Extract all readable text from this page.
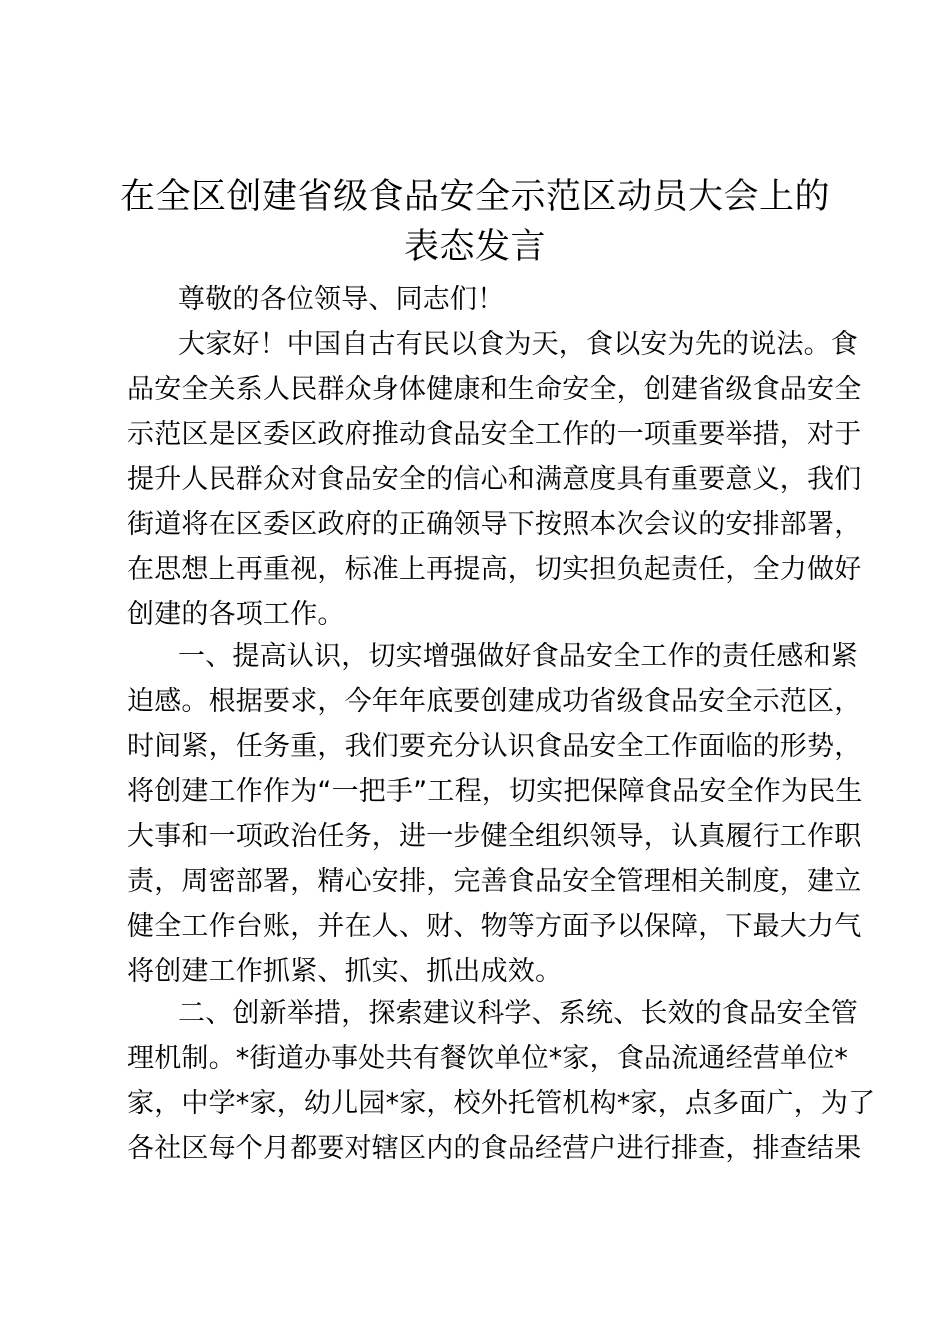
在全区创建省级食品安全示范区动员大会上的
表态发言
尊敬的各位领导、同志们！
大家好！中国自古有民以食为天，食以安为先的说法。食
品安全关系人民群众身体健康和生命安全，创建省级食品安全
示范区是区委区政府推动食品安全工作的一项重要举措，对于
提升人民群众对食品安全的信心和满意度具有重要意义，我们
街道将在区委区政府的正确领导下按照本次会议的安排部署，
在思想上再重视，标准上再提高，切实担负起责任，全力做好
创建的各项工作。
一、提高认识，切实增强做好食品安全工作的责任感和紧
迫感。根据要求，今年年底要创建成功省级食品安全示范区，
时间紧，任务重，我们要充分认识食品安全工作面临的形势，
将创建工作作为“一把手”工程，切实把保障食品安全作为民生
大事和一项政治任务，进一步健全组织领导，认真履行工作职
责，周密部署，精心安排，完善食品安全管理相关制度，建立
健全工作台账，并在人、财、物等方面予以保障，下最大力气
将创建工作抓紧、抓实、抓出成效。
二、创新举措，探索建议科学、系统、长效的食品安全管
理机制。*街道办事处共有餐饮单位*家，食品流通经营单位*
家，中学*家，幼儿园*家，校外托管机构*家，点多面广，为了
各社区每个月都要对辖区内的食品经营户进行排查，排查结果
